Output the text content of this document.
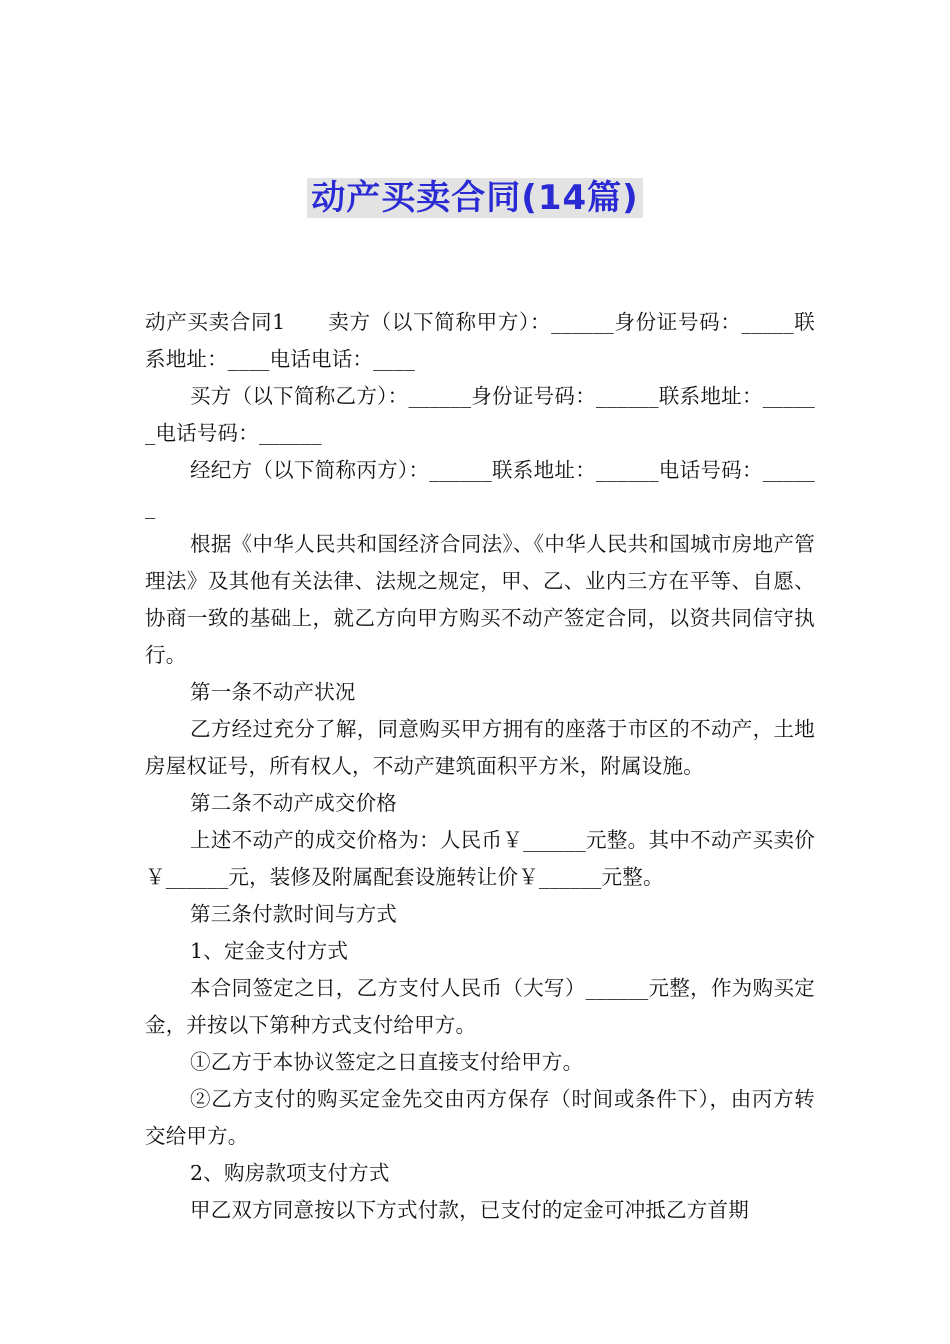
动产买卖合同(14篇)

动产买卖合同1　　卖方（以下简称甲方）：______身份证号码：_____联系地址：____电话电话：____

买方（以下简称乙方）：______身份证号码：______联系地址：______电话号码：______

经纪方（以下简称丙方）：______联系地址：______电话号码：______

根据《中华人民共和国经济合同法》、《中华人民共和国城市房地产管理法》及其他有关法律、法规之规定，甲、乙、业内三方在平等、自愿、协商一致的基础上，就乙方向甲方购买不动产签定合同，以资共同信守执行。

第一条不动产状况

乙方经过充分了解，同意购买甲方拥有的座落于市区的不动产，土地房屋权证号，所有权人，不动产建筑面积平方米，附属设施。

第二条不动产成交价格

上述不动产的成交价格为：人民币￥______元整。其中不动产买卖价￥______元，装修及附属配套设施转让价￥______元整。

第三条付款时间与方式

1、定金支付方式

本合同签定之日，乙方支付人民币（大写）______元整，作为购买定金，并按以下第种方式支付给甲方。

①乙方于本协议签定之日直接支付给甲方。

②乙方支付的购买定金先交由丙方保存（时间或条件下），由丙方转交给甲方。

2、购房款项支付方式

甲乙双方同意按以下方式付款，已支付的定金可冲抵乙方首期
